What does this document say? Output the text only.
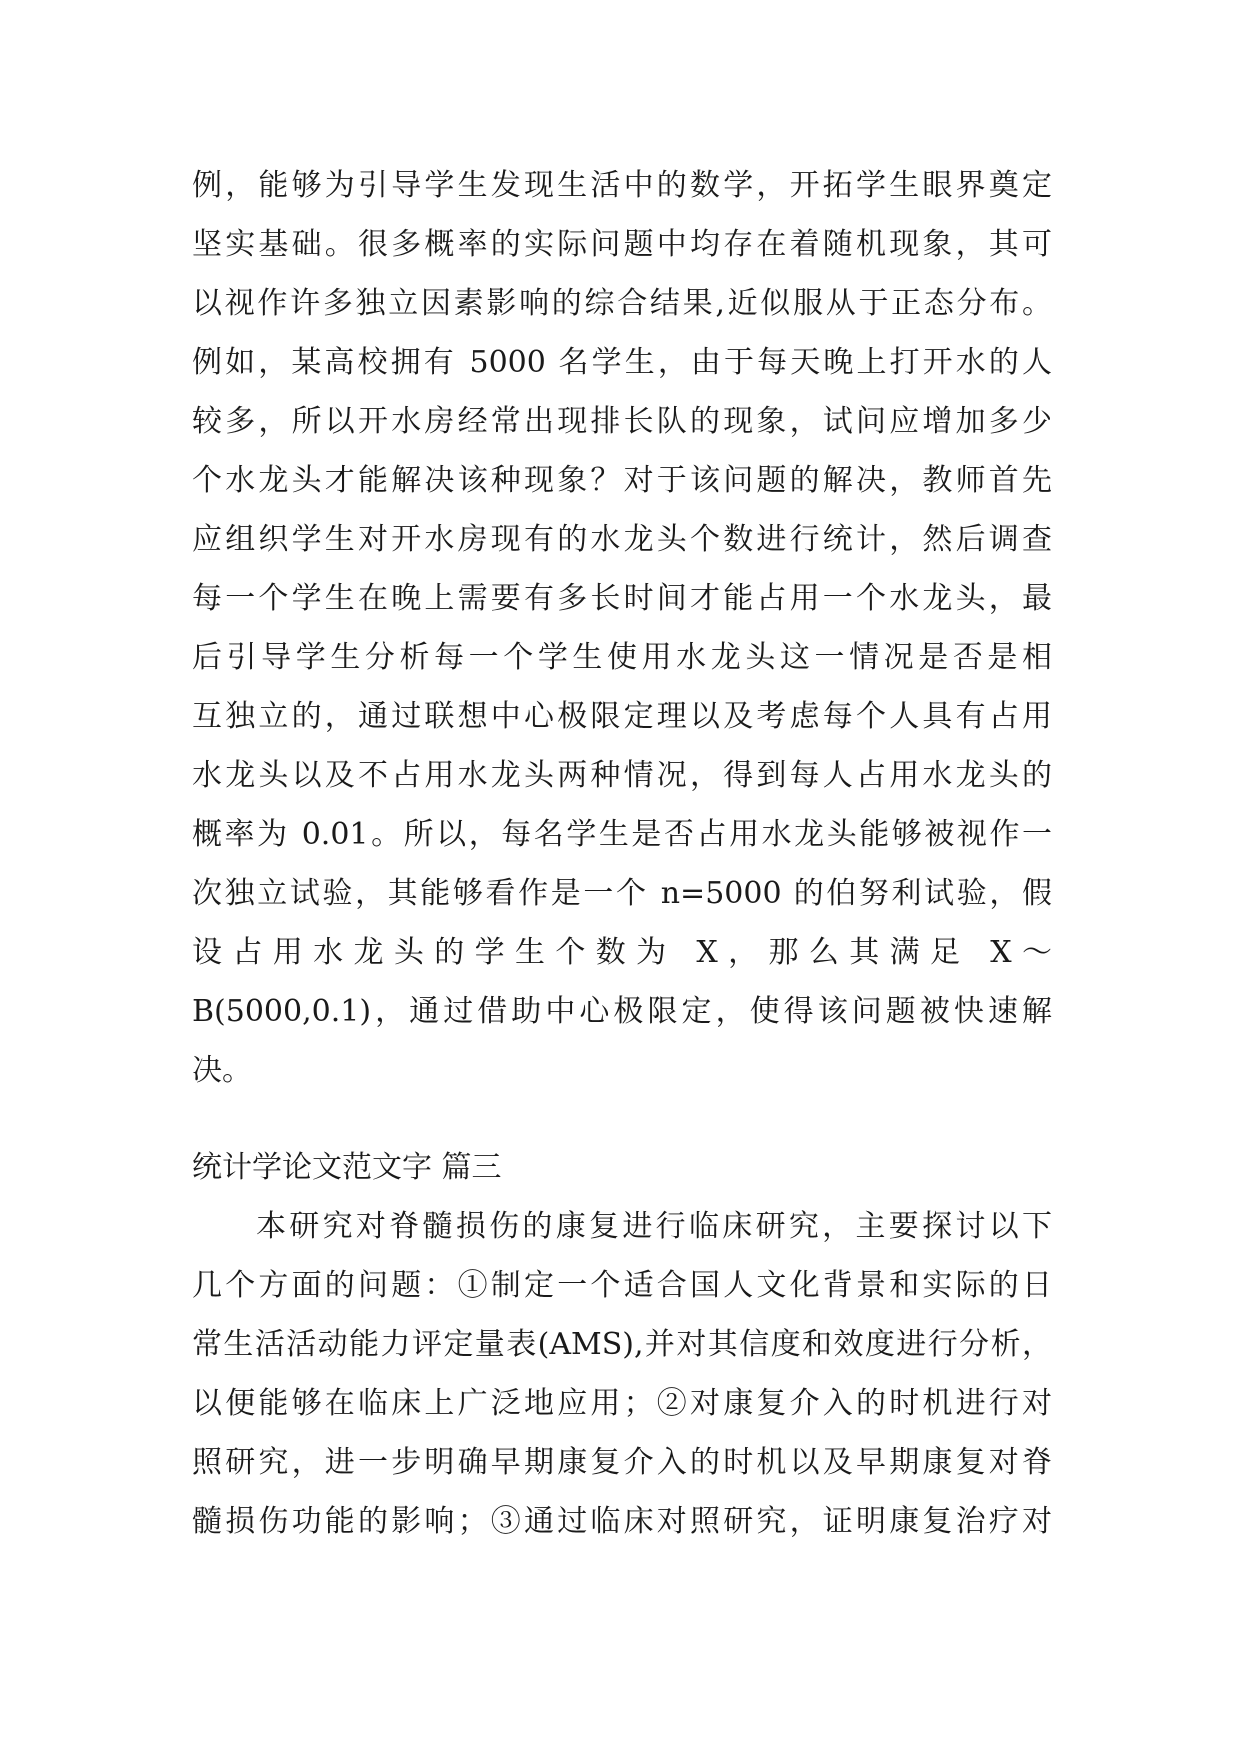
例，能够为引导学生发现生活中的数学，开拓学生眼界奠定
坚实基础。很多概率的实际问题中均存在着随机现象，其可
以视作许多独立因素影响的综合结果,近似服从于正态分布。
例如，某高校拥有 5000 名学生，由于每天晚上打开水的人
较多，所以开水房经常出现排长队的现象，试问应增加多少
个水龙头才能解决该种现象？对于该问题的解决，教师首先
应组织学生对开水房现有的水龙头个数进行统计，然后调查
每一个学生在晚上需要有多长时间才能占用一个水龙头，最
后引导学生分析每一个学生使用水龙头这一情况是否是相
互独立的，通过联想中心极限定理以及考虑每个人具有占用
水龙头以及不占用水龙头两种情况，得到每人占用水龙头的
概率为 0.01。所以，每名学生是否占用水龙头能够被视作一
次独立试验，其能够看作是一个 n=5000 的伯努利试验，假
设占用水龙头的学生个数为 X，那么其满足 X～
B(5000,0.1)，通过借助中心极限定，使得该问题被快速解
决。
统计学论文范文字 篇三
本研究对脊髓损伤的康复进行临床研究，主要探讨以下
几个方面的问题：①制定一个适合国人文化背景和实际的日
常生活活动能力评定量表(AMS),并对其信度和效度进行分析，
以便能够在临床上广泛地应用；②对康复介入的时机进行对
照研究，进一步明确早期康复介入的时机以及早期康复对脊
髓损伤功能的影响；③通过临床对照研究，证明康复治疗对
